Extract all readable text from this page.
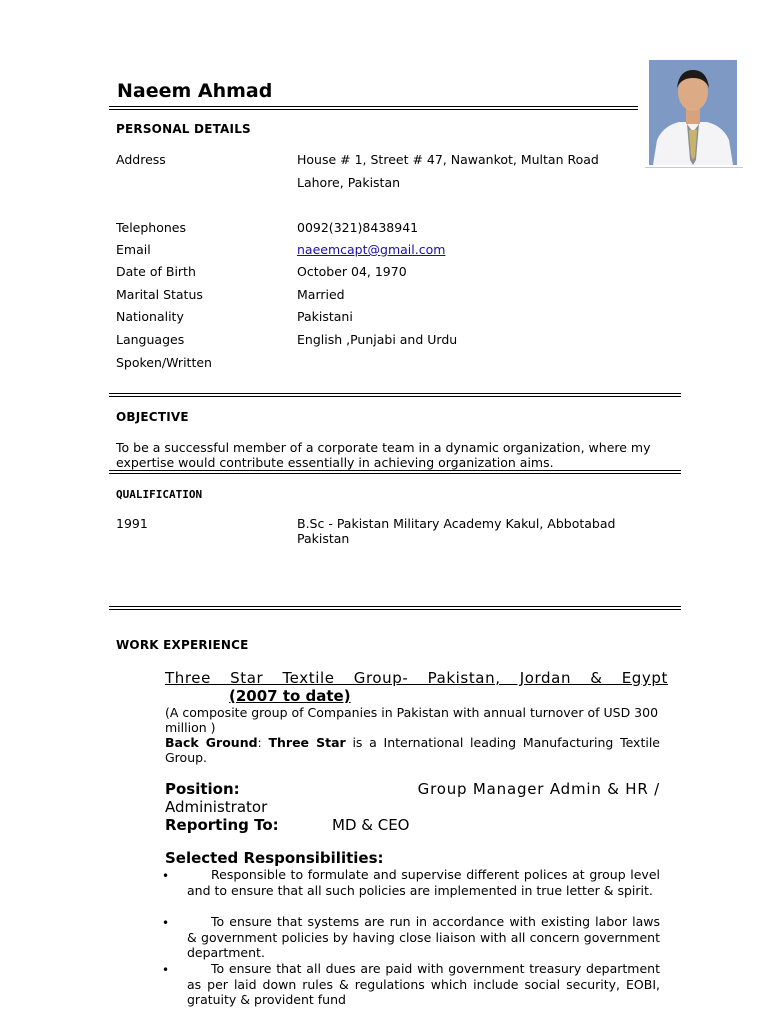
Naeem Ahmad
PERSONAL DETAILS
Address	House # 1, Street # 47, Nawankot, Multan Road
Lahore, Pakistan
Telephones	0092(321)8438941
Email	naeemcapt@gmail.com
Date of Birth	October 04, 1970
Marital Status	Married
Nationality	Pakistani
Languages	English ,Punjabi and Urdu
Spoken/Written
OBJECTIVE
To be a successful member of a corporate team in a dynamic organization, where my expertise would contribute essentially in achieving organization aims.
QUALIFICATION
1991	B.Sc - Pakistan Military Academy Kakul, Abbotabad Pakistan
WORK EXPERIENCE
Three Star Textile Group- Pakistan, Jordan & Egypt
(2007 to date)
(A composite group of Companies in Pakistan with annual turnover of USD 300 million )
Back Ground: Three Star is a International leading Manufacturing Textile Group.
Position:	Group Manager Admin & HR /
Administrator
Reporting To:	MD & CEO
Selected Responsibilities:
•	Responsible to formulate and supervise different polices at group level and to ensure that all such policies are implemented in true letter & spirit.
•	To ensure that systems are run in accordance with existing labor laws & government policies by having close liaison with all concern government department.
•	To ensure that all dues are paid with government treasury department as per laid down rules & regulations which include social security, EOBI, gratuity & provident fund
